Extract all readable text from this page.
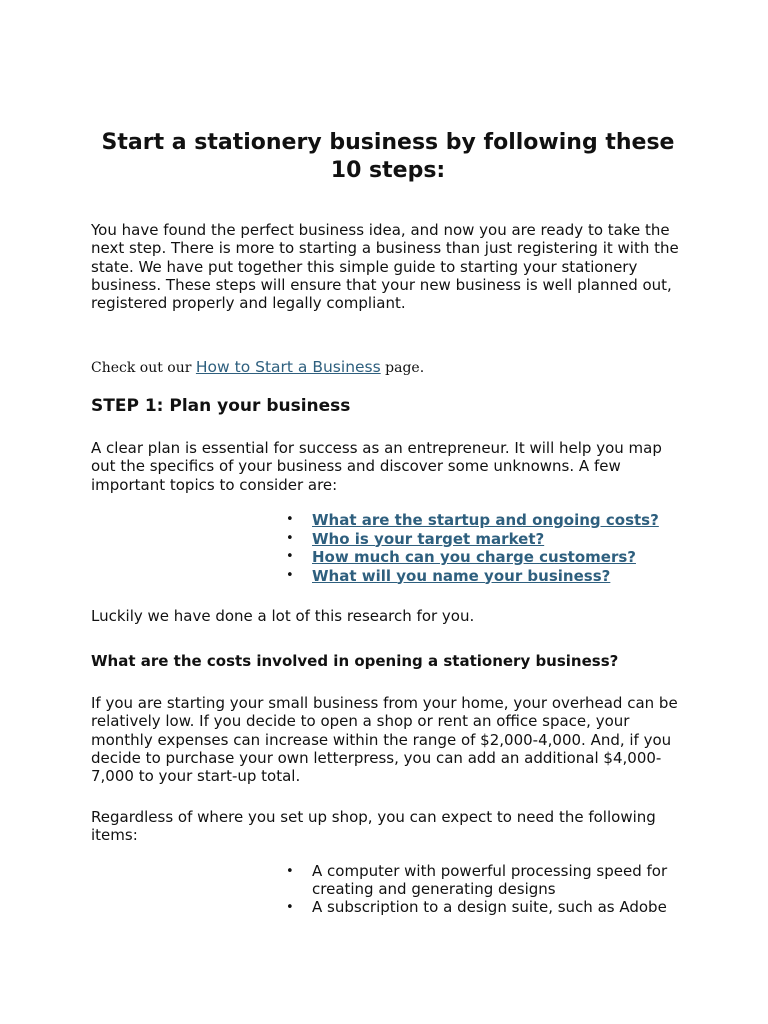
Start a stationery business by following these 10 steps:

You have found the perfect business idea, and now you are ready to take the next step. There is more to starting a business than just registering it with the state. We have put together this simple guide to starting your stationery business. These steps will ensure that your new business is well planned out, registered properly and legally compliant.

Check out our How to Start a Business page.
STEP 1: Plan your business

A clear plan is essential for success as an entrepreneur. It will help you map out the specifics of your business and discover some unknowns. A few important topics to consider are:

• What are the startup and ongoing costs?
• Who is your target market?
• How much can you charge customers?
• What will you name your business?

Luckily we have done a lot of this research for you.

What are the costs involved in opening a stationery business?

If you are starting your small business from your home, your overhead can be relatively low. If you decide to open a shop or rent an office space, your monthly expenses can increase within the range of $2,000-4,000. And, if you decide to purchase your own letterpress, you can add an additional $4,000-7,000 to your start-up total.

Regardless of where you set up shop, you can expect to need the following items:

• A computer with powerful processing speed for creating and generating designs
• A subscription to a design suite, such as Adobe
